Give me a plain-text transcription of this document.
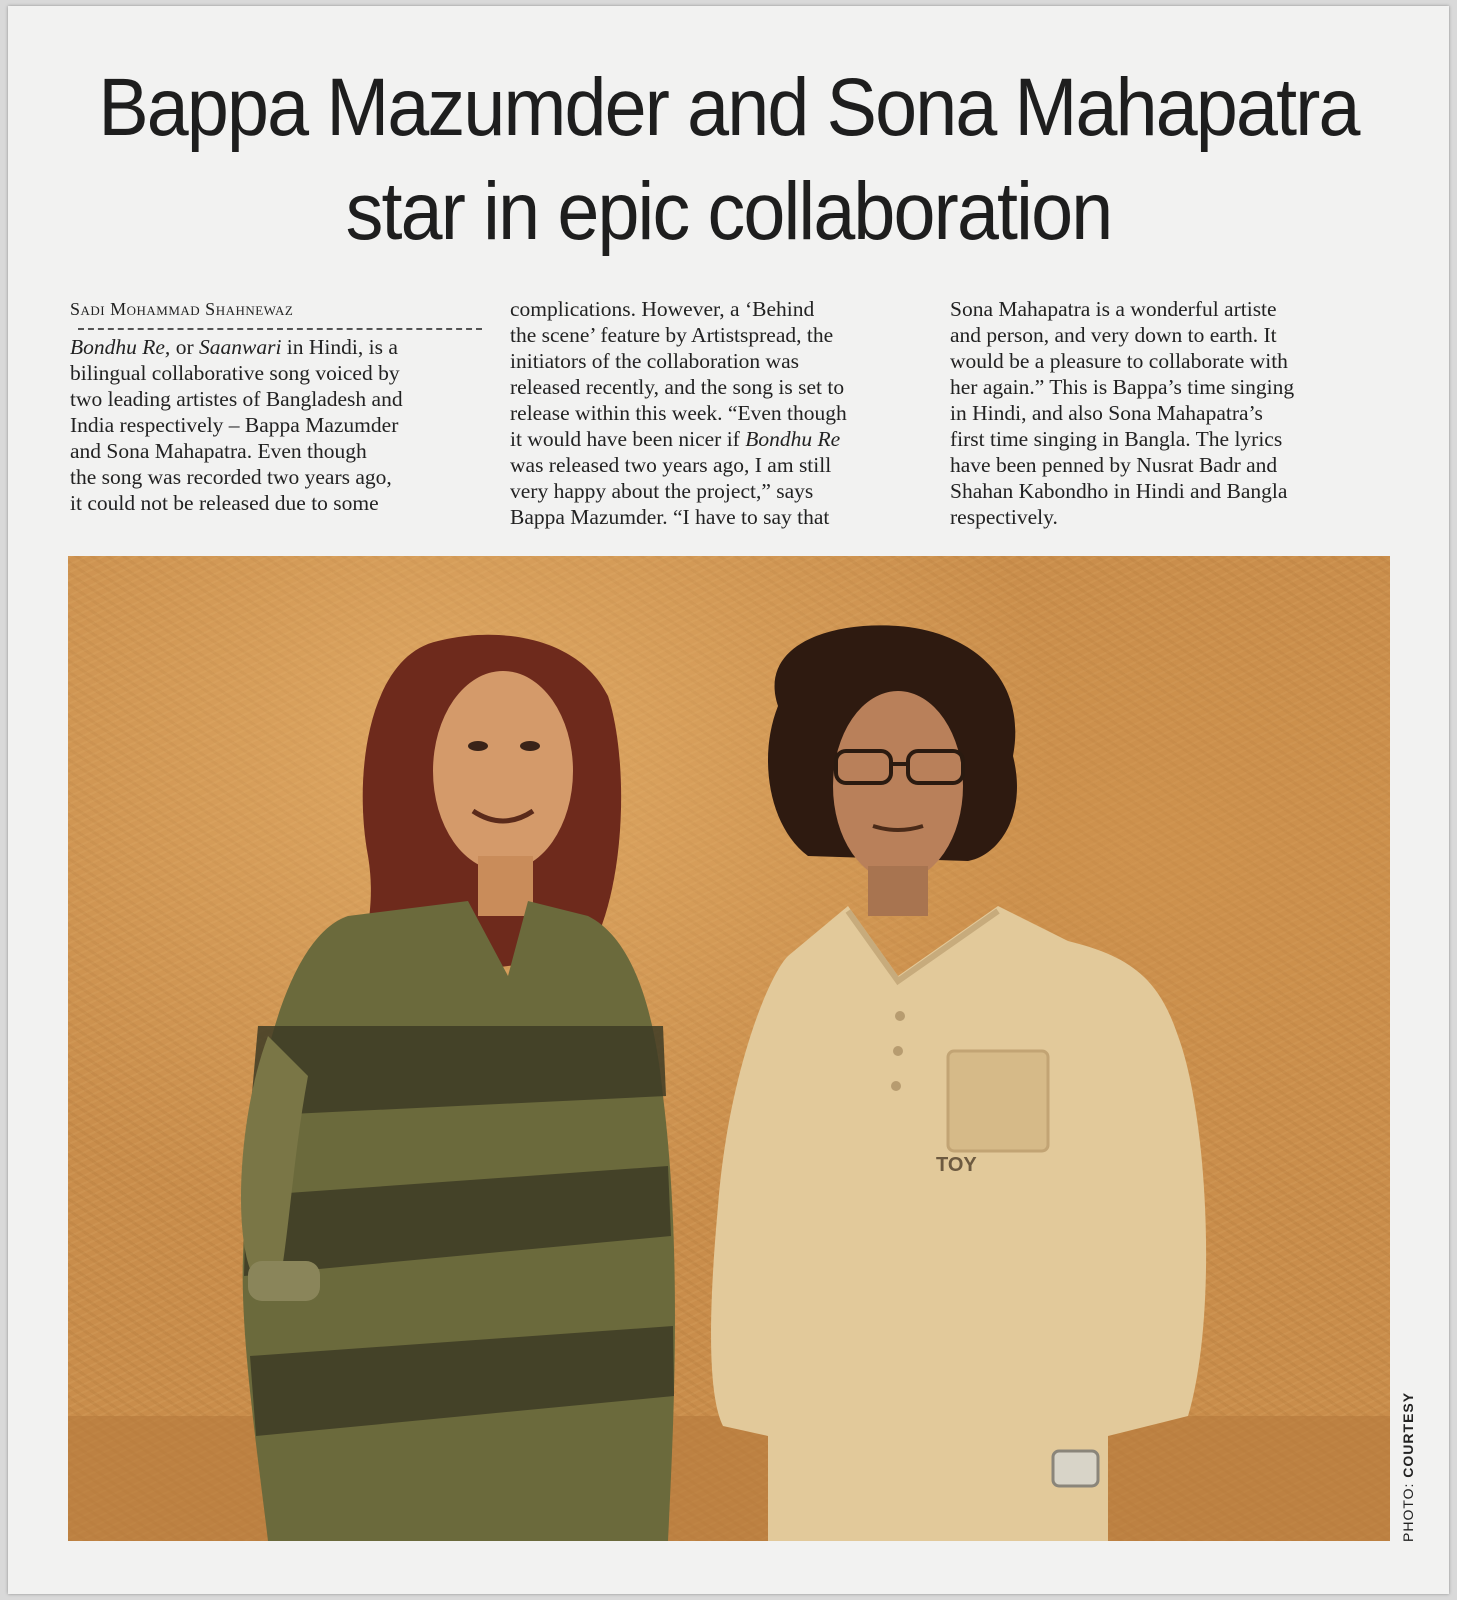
Bappa Mazumder and Sona Mahapatra
star in epic collaboration
Sadi Mohammad Shahnewaz

Bondhu Re, or Saanwari in Hindi, is a

bilingual collaborative song voiced by

two leading artistes of Bangladesh and

India respectively – Bappa Mazumder

and Sona Mahapatra. Even though

the song was recorded two years ago,

it could not be released due to some

complications. However, a ‘Behind

the scene’ feature by Artistspread, the

initiators of the collaboration was

released recently, and the song is set to

release within this week. “Even though

it would have been nicer if Bondhu Re

was released two years ago, I am still

very happy about the project,” says

Bappa Mazumder. “I have to say that

Sona Mahapatra is a wonderful artiste

and person, and very down to earth. It

would be a pleasure to collaborate with

her again.” This is Bappa’s time singing

in Hindi, and also Sona Mahapatra’s

first time singing in Bangla. The lyrics

have been penned by Nusrat Badr and

Shahan Kabondho in Hindi and Bangla

respectively.

TOY
PHOTO: COURTESY
